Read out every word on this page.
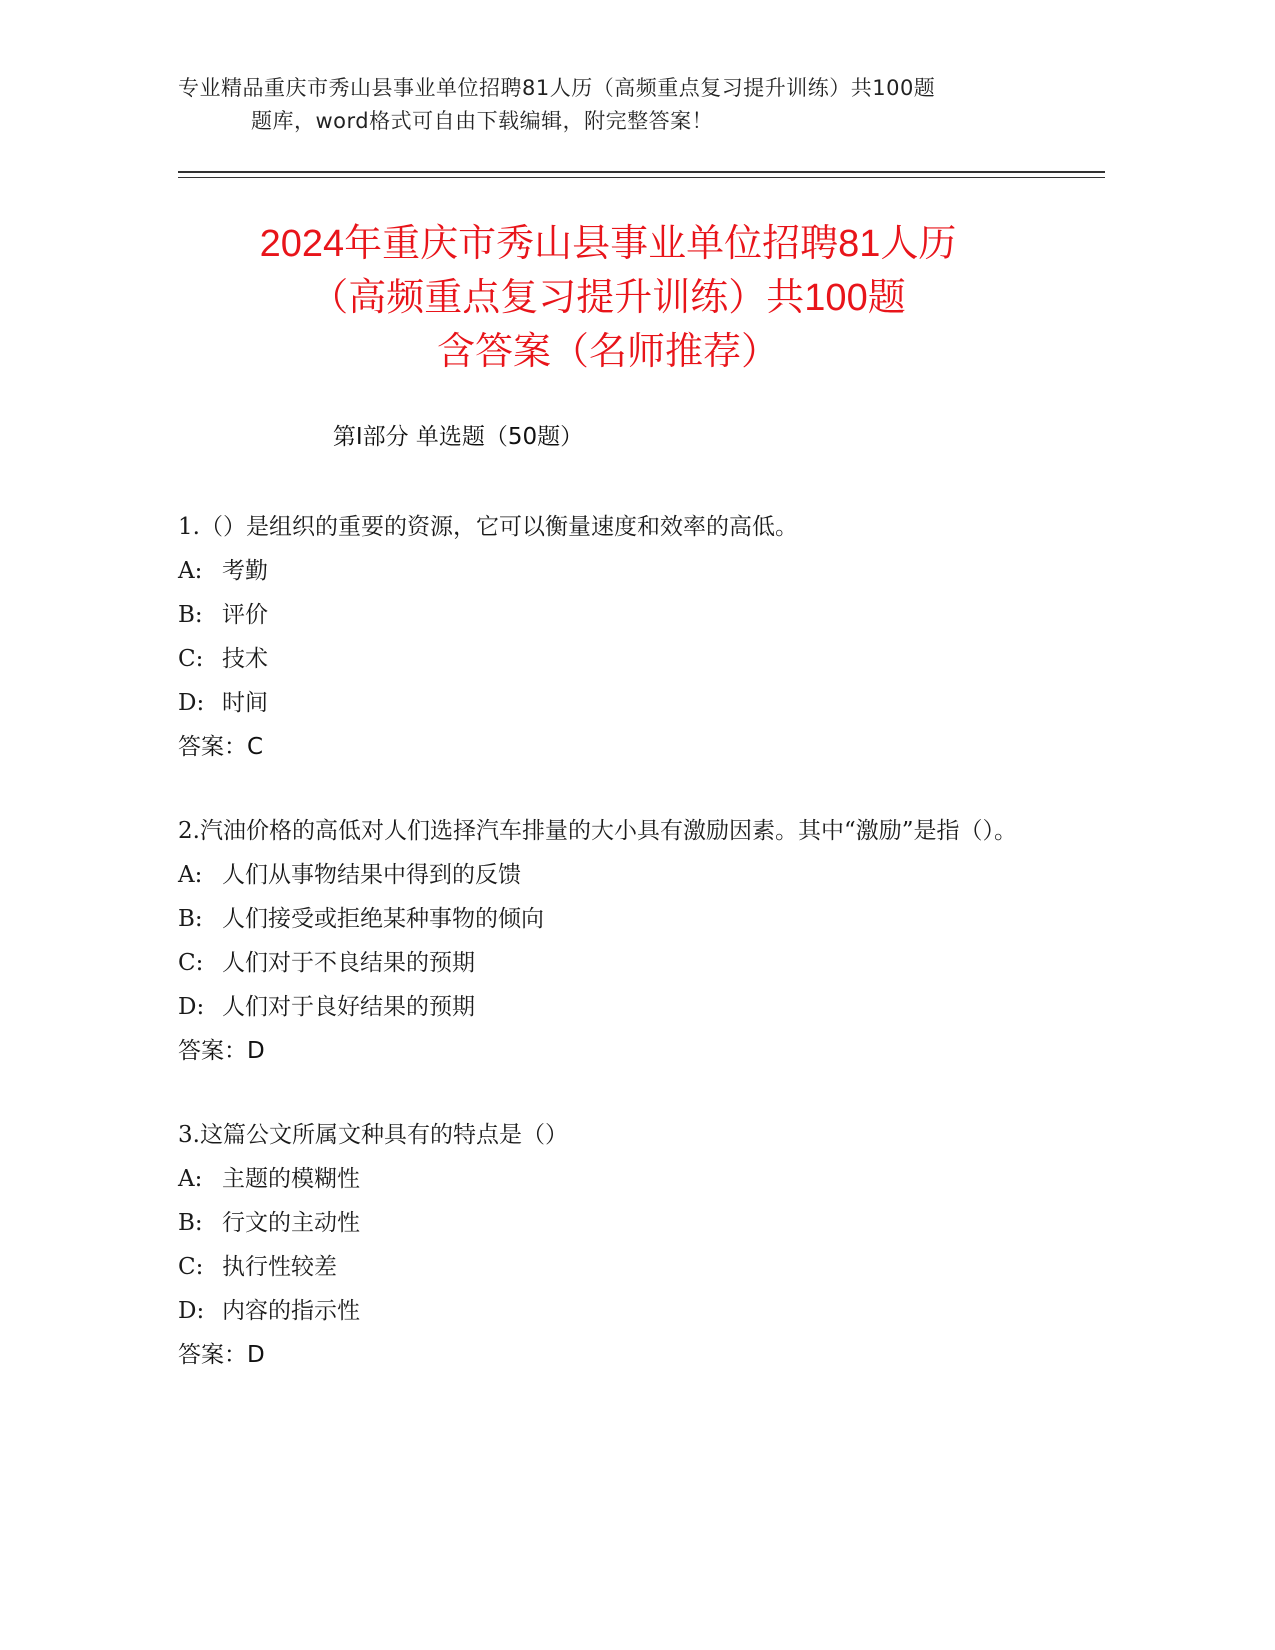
专业精品重庆市秀山县事业单位招聘81人历（高频重点复习提升训练）共100题
题库，word格式可自由下载编辑，附完整答案！
2024年重庆市秀山县事业单位招聘81人历
（高频重点复习提升训练）共100题
含答案（名师推荐）
第Ⅰ部分 单选题（50题）
1.（）是组织的重要的资源，它可以衡量速度和效率的高低。
A: 考勤
B: 评价
C: 技术
D: 时间
答案：C
2.汽油价格的高低对人们选择汽车排量的大小具有激励因素。其中“激励”是指（）。
A: 人们从事物结果中得到的反馈
B: 人们接受或拒绝某种事物的倾向
C: 人们对于不良结果的预期
D: 人们对于良好结果的预期
答案：D
3.这篇公文所属文种具有的特点是（）
A: 主题的模糊性
B: 行文的主动性
C: 执行性较差
D: 内容的指示性
答案：D
